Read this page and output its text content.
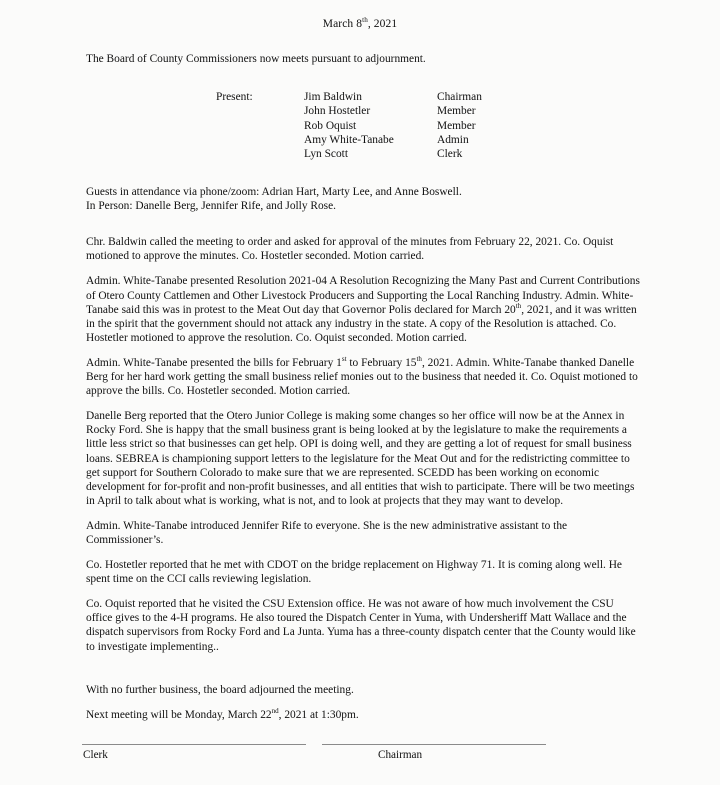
March 8th, 2021

The Board of County Commissioners now meets pursuant to adjournment.

Present:	Jim Baldwin	Chairman
John Hostetler	Member
Rob Oquist	Member
Amy White-Tanabe	Admin
Lyn Scott	Clerk

Guests in attendance via phone/zoom: Adrian Hart, Marty Lee, and Anne Boswell.

In Person: Danelle Berg, Jennifer Rife, and Jolly Rose.

Chr. Baldwin called the meeting to order and asked for approval of the minutes from February 22, 2021. Co. Oquist motioned to approve the minutes. Co. Hostetler seconded. Motion carried.

Admin. White-Tanabe presented Resolution 2021-04 A Resolution Recognizing the Many Past and Current Contributions of Otero County Cattlemen and Other Livestock Producers and Supporting the Local Ranching Industry. Admin. White-Tanabe said this was in protest to the Meat Out day that Governor Polis declared for March 20th, 2021, and it was written in the spirit that the government should not attack any industry in the state. A copy of the Resolution is attached. Co. Hostetler motioned to approve the resolution. Co. Oquist seconded. Motion carried.

Admin. White-Tanabe presented the bills for February 1st to February 15th, 2021. Admin. White-Tanabe thanked Danelle Berg for her hard work getting the small business relief monies out to the business that needed it. Co. Oquist motioned to approve the bills. Co. Hostetler seconded. Motion carried.

Danelle Berg reported that the Otero Junior College is making some changes so her office will now be at the Annex in Rocky Ford. She is happy that the small business grant is being looked at by the legislature to make the requirements a little less strict so that businesses can get help. OPI is doing well, and they are getting a lot of request for small business loans. SEBREA is championing support letters to the legislature for the Meat Out and for the redistricting committee to get support for Southern Colorado to make sure that we are represented. SCEDD has been working on economic development for for-profit and non-profit businesses, and all entities that wish to participate. There will be two meetings in April to talk about what is working, what is not, and to look at projects that they may want to develop.

Admin. White-Tanabe introduced Jennifer Rife to everyone. She is the new administrative assistant to the Commissioner’s.

Co. Hostetler reported that he met with CDOT on the bridge replacement on Highway 71. It is coming along well. He spent time on the CCI calls reviewing legislation.

Co. Oquist reported that he visited the CSU Extension office. He was not aware of how much involvement the CSU office gives to the 4-H programs. He also toured the Dispatch Center in Yuma, with Undersheriff Matt Wallace and the dispatch supervisors from Rocky Ford and La Junta. Yuma has a three-county dispatch center that the County would like to investigate implementing..

With no further business, the board adjourned the meeting.

Next meeting will be Monday, March 22nd, 2021 at 1:30pm.

Clerk	Chairman
